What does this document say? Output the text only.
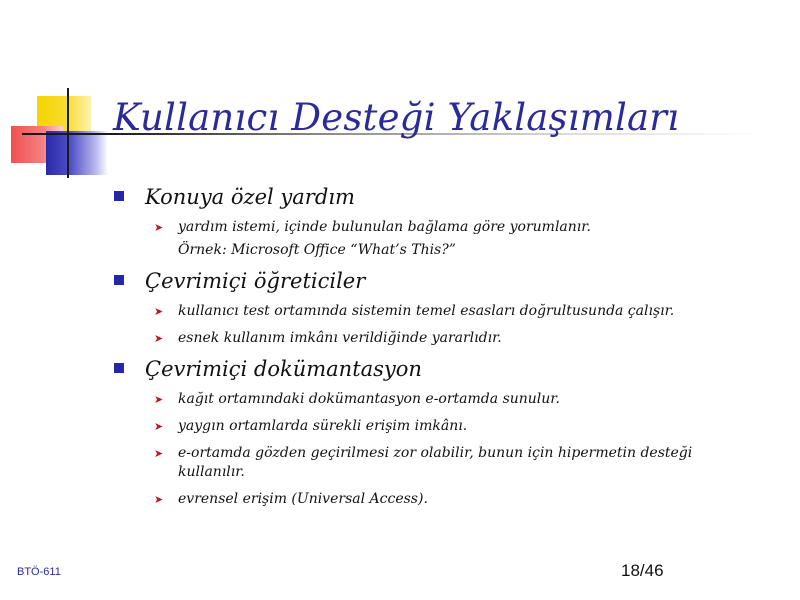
Kullanıcı Desteği Yaklaşımları
Konuya özel yardım
➤ yardım istemi, içinde bulunulan bağlama göre yorumlanır.
Örnek: Microsoft Office “What’s This?”
Çevrimiçi öğreticiler
➤ kullanıcı test ortamında sistemin temel esasları doğrultusunda çalışır.
➤ esnek kullanım imkânı verildiğinde yararlıdır.
Çevrimiçi dokümantasyon
➤ kağıt ortamındaki dokümantasyon e-ortamda sunulur.
➤ yaygın ortamlarda sürekli erişim imkânı.
➤ e-ortamda gözden geçirilmesi zor olabilir, bunun için hipermetin desteği kullanılır.
➤ evrensel erişim (Universal Access).
BTÖ-611	18/46
